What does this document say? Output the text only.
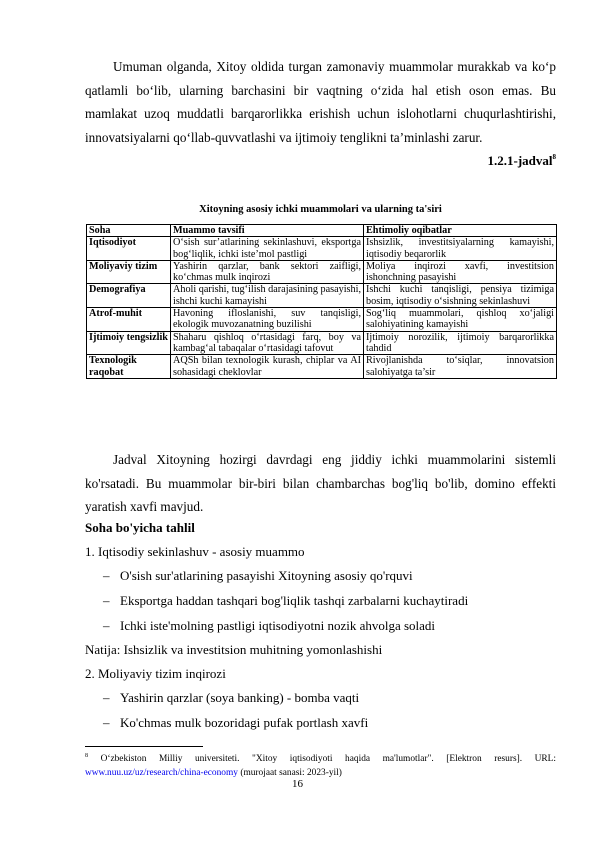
Umuman olganda, Xitoy oldida turgan zamonaviy muammolar murakkab va ko‘p qatlamli bo‘lib, ularning barchasini bir vaqtning o‘zida hal etish oson emas. Bu mamlakat uzoq muddatli barqarorlikka erishish uchun islohotlarni chuqurlashtirishi, innovatsiyalarni qo‘llab-quvvatlashi va ijtimoiy tenglikni ta’minlashi zarur.

1.2.1-jadval$^8$
Xitoyning asosiy ichki muammolari va ularning ta'siri
Soha	Muammo tavsifi	Ehtimoliy oqibatlar
Iqtisodiyot	O‘sish sur’atlarining sekinlashuvi, eksportga bog‘liqlik, ichki iste’mol pastligi	Ishsizlik, investitsiyalarning kamayishi, iqtisodiy beqarorlik
Moliyaviy tizim	Yashirin qarzlar, bank sektori zaifligi, ko‘chmas mulk inqirozi	Moliya inqirozi xavfi, investitsion ishonchning pasayishi
Demografiya	Aholi qarishi, tug‘ilish darajasining pasayishi, ishchi kuchi kamayishi	Ishchi kuchi tanqisligi, pensiya tizimiga bosim, iqtisodiy o‘sishning sekinlashuvi
Atrof-muhit	Havoning ifloslanishi, suv tanqisligi, ekologik muvozanatning buzilishi	Sog‘liq muammolari, qishloq xo‘jaligi salohiyatining kamayishi
Ijtimoiy tengsizlik	Shaharu qishloq o‘rtasidagi farq, boy va kambag‘al tabaqalar o‘rtasidagi tafovut	Ijtimoiy norozilik, ijtimoiy barqarorlikka tahdid
Texnologik raqobat	AQSh bilan texnologik kurash, chiplar va AI sohasidagi cheklovlar	Rivojlanishda to‘siqlar, innovatsion salohiyatga ta’sir

Jadval Xitoyning hozirgi davrdagi eng jiddiy ichki muammolarini sistemli ko'rsatadi. Bu muammolar bir-biri bilan chambarchas bog'liq bo'lib, domino effekti yaratish xavfi mavjud.

Soha bo'yicha tahlil
1. Iqtisodiy sekinlashuv - asosiy muammo
– O'sish sur'atlarining pasayishi Xitoyning asosiy qo'rquvi
– Eksportga haddan tashqari bog'liqlik tashqi zarbalarni kuchaytiradi
– Ichki iste'molning pastligi iqtisodiyotni nozik ahvolga soladi
Natija: Ishsizlik va investitsion muhitning yomonlashishi
2. Moliyaviy tizim inqirozi
– Yashirin qarzlar (soya banking) - bomba vaqti
– Ko'chmas mulk bozoridagi pufak portlash xavfi

$^8$ O‘zbekiston Milliy universiteti. "Xitoy iqtisodiyoti haqida ma'lumotlar". [Elektron resurs]. URL: www.nuu.uz/uz/research/china-economy (murojaat sanasi: 2023-yil)

16
